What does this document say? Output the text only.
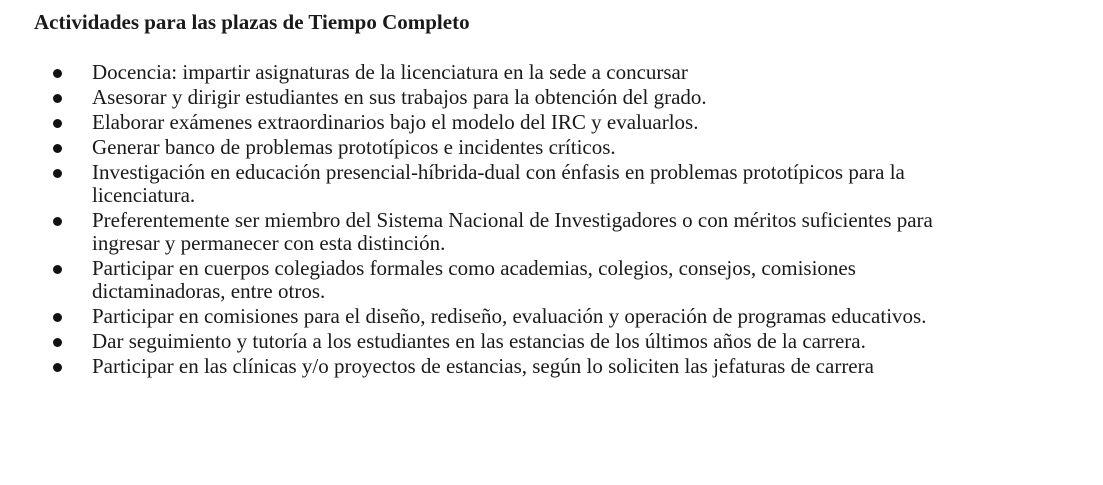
Actividades para las plazas de Tiempo Completo
Docencia: impartir asignaturas de la licenciatura en la sede a concursar
Asesorar y dirigir estudiantes en sus trabajos para la obtención del grado.
Elaborar exámenes extraordinarios bajo el modelo del IRC y evaluarlos.
Generar banco de problemas prototípicos e incidentes críticos.
Investigación en educación presencial-híbrida-dual con énfasis en problemas prototípicos para la
licenciatura.
Preferentemente ser miembro del Sistema Nacional de Investigadores o con méritos suficientes para
ingresar y permanecer con esta distinción.
Participar en cuerpos colegiados formales como academias, colegios, consejos, comisiones
dictaminadoras, entre otros.
Participar en comisiones para el diseño, rediseño, evaluación y operación de programas educativos.
Dar seguimiento y tutoría a los estudiantes en las estancias de los últimos años de la carrera.
Participar en las clínicas y/o proyectos de estancias, según lo soliciten las jefaturas de carrera
